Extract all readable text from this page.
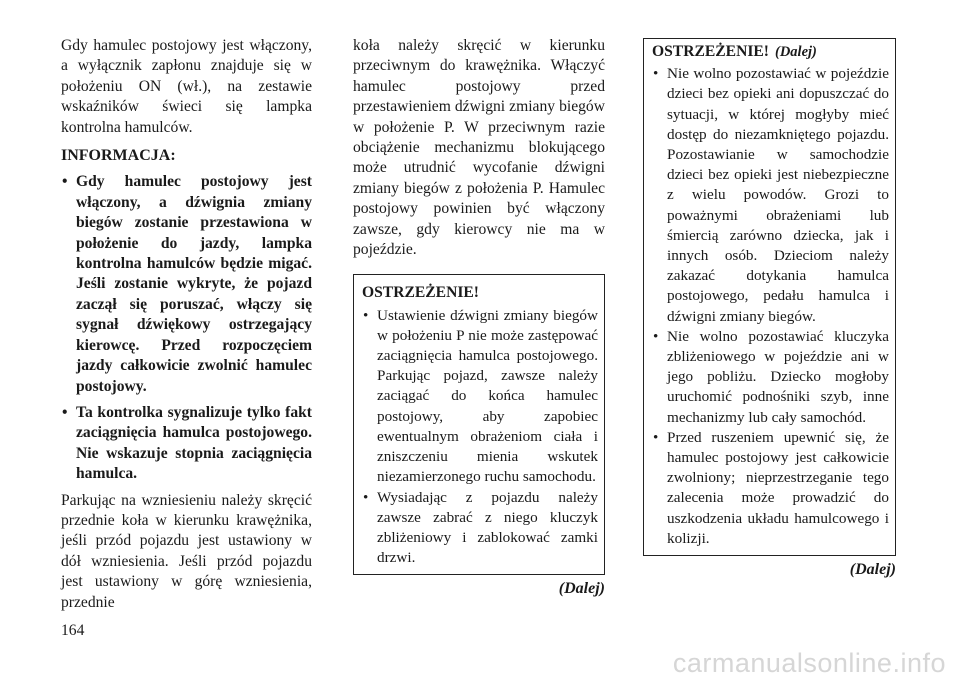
Gdy hamulec postojowy jest włączony, a wyłącznik zapłonu znajduje się w położeniu ON (wł.), na zestawie wskaźników świeci się lampka kontrolna hamulców.

INFORMACJA:
• Gdy hamulec postojowy jest włączony, a dźwignia zmiany biegów zostanie przestawiona w położenie do jazdy, lampka kontrolna hamulców będzie migać. Jeśli zostanie wykryte, że pojazd zaczął się poruszać, włączy się sygnał dźwiękowy ostrzegający kierowcę. Przed rozpoczęciem jazdy całkowicie zwolnić hamulec postojowy.
• Ta kontrolka sygnalizuje tylko fakt zaciągnięcia hamulca postojowego. Nie wskazuje stopnia zaciągnięcia hamulca.

Parkując na wzniesieniu należy skręcić przednie koła w kierunku krawężnika, jeśli przód pojazdu jest ustawiony w dół wzniesienia. Jeśli przód pojazdu jest ustawiony w górę wzniesienia, przednie

koła należy skręcić w kierunku przeciwnym do krawężnika. Włączyć hamulec postojowy przed przestawieniem dźwigni zmiany biegów w położenie P. W przeciwnym razie obciążenie mechanizmu blokującego może utrudnić wycofanie dźwigni zmiany biegów z położenia P. Hamulec postojowy powinien być włączony zawsze, gdy kierowcy nie ma w pojeździe.

OSTRZEŻENIE!
• Ustawienie dźwigni zmiany biegów w położeniu P nie może zastępować zaciągnięcia hamulca postojowego. Parkując pojazd, zawsze należy zaciągać do końca hamulec postojowy, aby zapobiec ewentualnym obrażeniom ciała i zniszczeniu mienia wskutek niezamierzonego ruchu samochodu.
• Wysiadając z pojazdu należy zawsze zabrać z niego kluczyk zbliżeniowy i zablokować zamki drzwi.
(Dalej)
OSTRZEŻENIE! (Dalej)
• Nie wolno pozostawiać w pojeździe dzieci bez opieki ani dopuszczać do sytuacji, w której mogłyby mieć dostęp do niezamkniętego pojazdu. Pozostawianie w samochodzie dzieci bez opieki jest niebezpieczne z wielu powodów. Grozi to poważnymi obrażeniami lub śmiercią zarówno dziecka, jak i innych osób. Dzieciom należy zakazać dotykania hamulca postojowego, pedału hamulca i dźwigni zmiany biegów.
• Nie wolno pozostawiać kluczyka zbliżeniowego w pojeździe ani w jego pobliżu. Dziecko mogłoby uruchomić podnośniki szyb, inne mechanizmy lub cały samochód.
• Przed ruszeniem upewnić się, że hamulec postojowy jest całkowicie zwolniony; nieprzestrzeganie tego zalecenia może prowadzić do uszkodzenia układu hamulcowego i kolizji.
(Dalej)
164
carmanualsonline.info
